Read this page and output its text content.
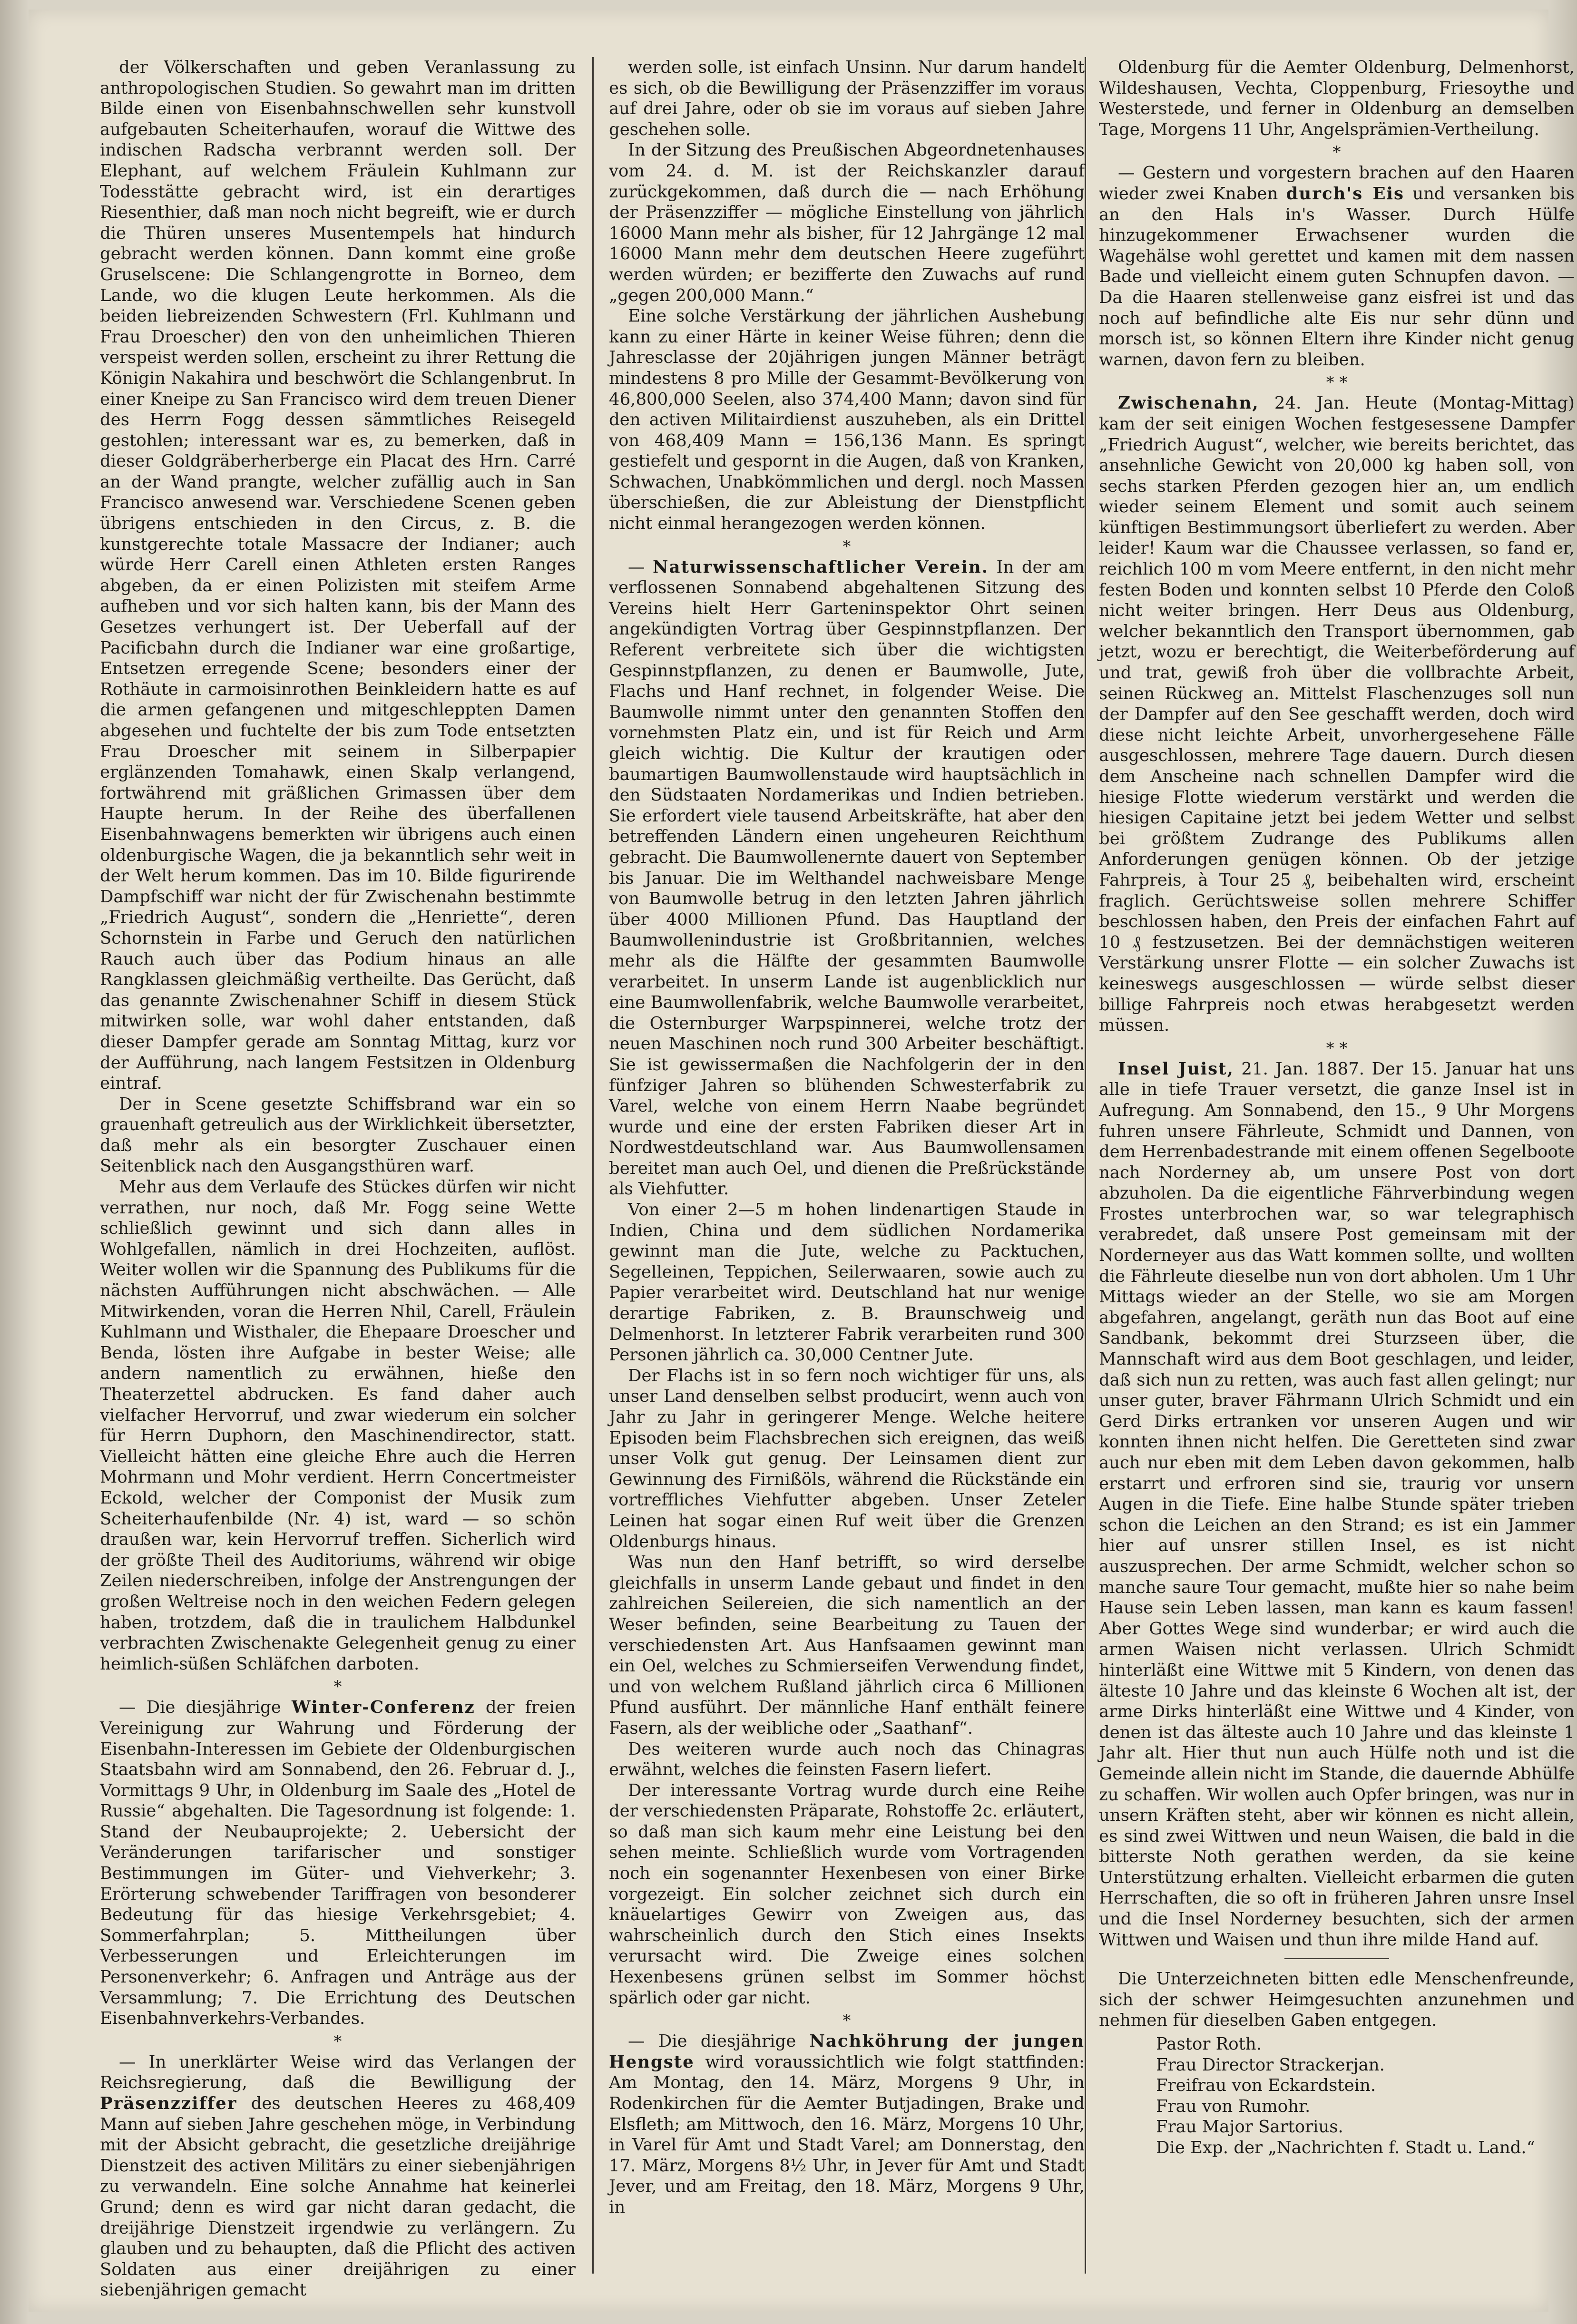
der Völkerschaften und geben Veranlassung zu anthropologischen Studien. So gewahrt man im dritten Bilde einen von Eisenbahnschwellen sehr kunstvoll aufgebauten Scheiterhaufen, worauf die Wittwe des indischen Radscha verbrannt werden soll. Der Elephant, auf welchem Fräulein Kuhlmann zur Todesstätte gebracht wird, ist ein derartiges Riesenthier, daß man noch nicht begreift, wie er durch die Thüren unseres Musentempels hat hindurch gebracht werden können. Dann kommt eine große Gruselscene: Die Schlangengrotte in Borneo, dem Lande, wo die klugen Leute herkommen. Als die beiden liebreizenden Schwestern (Frl. Kuhlmann und Frau Droescher) den von den unheimlichen Thieren verspeist werden sollen, erscheint zu ihrer Rettung die Königin Nakahira und beschwört die Schlangenbrut. In einer Kneipe zu San Francisco wird dem treuen Diener des Herrn Fogg dessen sämmtliches Reisegeld gestohlen; interessant war es, zu bemerken, daß in dieser Goldgräberherberge ein Placat des Hrn. Carré an der Wand prangte, welcher zufällig auch in San Francisco anwesend war. Verschiedene Scenen geben übrigens entschieden in den Circus, z. B. die kunstgerechte totale Massacre der Indianer; auch würde Herr Carell einen Athleten ersten Ranges abgeben, da er einen Polizisten mit steifem Arme aufheben und vor sich halten kann, bis der Mann des Gesetzes verhungert ist. Der Ueberfall auf der Pacificbahn durch die Indianer war eine großartige, Entsetzen erregende Scene; besonders einer der Rothäute in carmoisinrothen Beinkleidern hatte es auf die armen gefangenen und mitgeschleppten Damen abgesehen und fuchtelte der bis zum Tode entsetzten Frau Droescher mit seinem in Silberpapier erglänzenden Tomahawk, einen Skalp verlangend, fortwährend mit gräßlichen Grimassen über dem Haupte herum. In der Reihe des überfallenen Eisenbahnwagens bemerkten wir übrigens auch einen oldenburgische Wagen, die ja bekanntlich sehr weit in der Welt herum kommen. Das im 10. Bilde figurirende Dampfschiff war nicht der für Zwischenahn bestimmte „Friedrich August“, sondern die „Henriette“, deren Schornstein in Farbe und Geruch den natürlichen Rauch auch über das Podium hinaus an alle Rangklassen gleichmäßig vertheilte. Das Gerücht, daß das genannte Zwischenahner Schiff in diesem Stück mitwirken solle, war wohl daher entstanden, daß dieser Dampfer gerade am Sonntag Mittag, kurz vor der Aufführung, nach langem Festsitzen in Oldenburg eintraf.

Der in Scene gesetzte Schiffsbrand war ein so grauenhaft getreulich aus der Wirklichkeit übersetzter, daß mehr als ein besorgter Zuschauer einen Seitenblick nach den Ausgangsthüren warf.

Mehr aus dem Verlaufe des Stückes dürfen wir nicht verrathen, nur noch, daß Mr. Fogg seine Wette schließlich gewinnt und sich dann alles in Wohlgefallen, nämlich in drei Hochzeiten, auflöst. Weiter wollen wir die Spannung des Publikums für die nächsten Aufführungen nicht abschwächen. — Alle Mitwirkenden, voran die Herren Nhil, Carell, Fräulein Kuhlmann und Wisthaler, die Ehepaare Droescher und Benda, lösten ihre Aufgabe in bester Weise; alle andern namentlich zu erwähnen, hieße den Theaterzettel abdrucken. Es fand daher auch vielfacher Hervorruf, und zwar wiederum ein solcher für Herrn Duphorn, den Maschinendirector, statt. Vielleicht hätten eine gleiche Ehre auch die Herren Mohrmann und Mohr verdient. Herrn Concertmeister Eckold, welcher der Componist der Musik zum Scheiterhaufenbilde (Nr. 4) ist, ward — so schön draußen war, kein Hervorruf treffen. Sicherlich wird der größte Theil des Auditoriums, während wir obige Zeilen niederschreiben, infolge der Anstrengungen der großen Weltreise noch in den weichen Federn gelegen haben, trotzdem, daß die in traulichem Halbdunkel verbrachten Zwischenakte Gelegenheit genug zu einer heimlich-süßen Schläfchen darboten.

*

— Die diesjährige Winter-Conferenz der freien Vereinigung zur Wahrung und Förderung der Eisenbahn-Interessen im Gebiete der Oldenburgischen Staatsbahn wird am Sonnabend, den 26. Februar d. J., Vormittags 9 Uhr, in Oldenburg im Saale des „Hotel de Russie“ abgehalten. Die Tagesordnung ist folgende: 1. Stand der Neubauprojekte; 2. Uebersicht der Veränderungen tarifarischer und sonstiger Bestimmungen im Güter- und Viehverkehr; 3. Erörterung schwebender Tariffragen von besonderer Bedeutung für das hiesige Verkehrsgebiet; 4. Sommerfahrplan; 5. Mittheilungen über Verbesserungen und Erleichterungen im Personenverkehr; 6. Anfragen und Anträge aus der Versammlung; 7. Die Errichtung des Deutschen Eisenbahnverkehrs-Verbandes.

*

— In unerklärter Weise wird das Verlangen der Reichsregierung, daß die Bewilligung der Präsenzziffer des deutschen Heeres zu 468,409 Mann auf sieben Jahre geschehen möge, in Verbindung mit der Absicht gebracht, die gesetzliche dreijährige Dienstzeit des activen Militärs zu einer siebenjährigen zu verwandeln. Eine solche Annahme hat keinerlei Grund; denn es wird gar nicht daran gedacht, die dreijährige Dienstzeit irgendwie zu verlängern. Zu glauben und zu behaupten, daß die Pflicht des activen Soldaten aus einer dreijährigen zu einer siebenjährigen gemacht

werden solle, ist einfach Unsinn. Nur darum handelt es sich, ob die Bewilligung der Präsenzziffer im voraus auf drei Jahre, oder ob sie im voraus auf sieben Jahre geschehen solle.

In der Sitzung des Preußischen Abgeordnetenhauses vom 24. d. M. ist der Reichskanzler darauf zurückgekommen, daß durch die — nach Erhöhung der Präsenzziffer — mögliche Einstellung von jährlich 16000 Mann mehr als bisher, für 12 Jahrgänge 12 mal 16000 Mann mehr dem deutschen Heere zugeführt werden würden; er bezifferte den Zuwachs auf rund „gegen 200,000 Mann.“

Eine solche Verstärkung der jährlichen Aushebung kann zu einer Härte in keiner Weise führen; denn die Jahresclasse der 20jährigen jungen Männer beträgt mindestens 8 pro Mille der Gesammt-Bevölkerung von 46,800,000 Seelen, also 374,400 Mann; davon sind für den activen Militairdienst auszuheben, als ein Drittel von 468,409 Mann = 156,136 Mann. Es springt gestiefelt und gespornt in die Augen, daß von Kranken, Schwachen, Unabkömmlichen und dergl. noch Massen überschießen, die zur Ableistung der Dienstpflicht nicht einmal herangezogen werden können.

*

— Naturwissenschaftlicher Verein. In der am verflossenen Sonnabend abgehaltenen Sitzung des Vereins hielt Herr Garteninspektor Ohrt seinen angekündigten Vortrag über Gespinnstpflanzen. Der Referent verbreitete sich über die wichtigsten Gespinnstpflanzen, zu denen er Baumwolle, Jute, Flachs und Hanf rechnet, in folgender Weise. Die Baumwolle nimmt unter den genannten Stoffen den vornehmsten Platz ein, und ist für Reich und Arm gleich wichtig. Die Kultur der krautigen oder baumartigen Baumwollenstaude wird hauptsächlich in den Südstaaten Nordamerikas und Indien betrieben. Sie erfordert viele tausend Arbeitskräfte, hat aber den betreffenden Ländern einen ungeheuren Reichthum gebracht. Die Baumwollenernte dauert von September bis Januar. Die im Welthandel nachweisbare Menge von Baumwolle betrug in den letzten Jahren jährlich über 4000 Millionen Pfund. Das Hauptland der Baumwollenindustrie ist Großbritannien, welches mehr als die Hälfte der gesammten Baumwolle verarbeitet. In unserm Lande ist augenblicklich nur eine Baumwollenfabrik, welche Baumwolle verarbeitet, die Osternburger Warpspinnerei, welche trotz der neuen Maschinen noch rund 300 Arbeiter beschäftigt. Sie ist gewissermaßen die Nachfolgerin der in den fünfziger Jahren so blühenden Schwesterfabrik zu Varel, welche von einem Herrn Naabe begründet wurde und eine der ersten Fabriken dieser Art in Nordwestdeutschland war. Aus Baumwollensamen bereitet man auch Oel, und dienen die Preßrückstände als Viehfutter.

Von einer 2—5 m hohen lindenartigen Staude in Indien, China und dem südlichen Nordamerika gewinnt man die Jute, welche zu Packtuchen, Segelleinen, Teppichen, Seilerwaaren, sowie auch zu Papier verarbeitet wird. Deutschland hat nur wenige derartige Fabriken, z. B. Braunschweig und Delmenhorst. In letzterer Fabrik verarbeiten rund 300 Personen jährlich ca. 30,000 Centner Jute.

Der Flachs ist in so fern noch wichtiger für uns, als unser Land denselben selbst producirt, wenn auch von Jahr zu Jahr in geringerer Menge. Welche heitere Episoden beim Flachsbrechen sich ereignen, das weiß unser Volk gut genug. Der Leinsamen dient zur Gewinnung des Firnißöls, während die Rückstände ein vortreffliches Viehfutter abgeben. Unser Zeteler Leinen hat sogar einen Ruf weit über die Grenzen Oldenburgs hinaus.

Was nun den Hanf betrifft, so wird derselbe gleichfalls in unserm Lande gebaut und findet in den zahlreichen Seilereien, die sich namentlich an der Weser befinden, seine Bearbeitung zu Tauen der verschiedensten Art. Aus Hanfsaamen gewinnt man ein Oel, welches zu Schmierseifen Verwendung findet, und von welchem Rußland jährlich circa 6 Millionen Pfund ausführt. Der männliche Hanf enthält feinere Fasern, als der weibliche oder „Saathanf“.

Des weiteren wurde auch noch das Chinagras erwähnt, welches die feinsten Fasern liefert.

Der interessante Vortrag wurde durch eine Reihe der verschiedensten Präparate, Rohstoffe 2c. erläutert, so daß man sich kaum mehr eine Leistung bei den sehen meinte. Schließlich wurde vom Vortragenden noch ein sogenannter Hexenbesen von einer Birke vorgezeigt. Ein solcher zeichnet sich durch ein knäuelartiges Gewirr von Zweigen aus, das wahrscheinlich durch den Stich eines Insekts verursacht wird. Die Zweige eines solchen Hexenbesens grünen selbst im Sommer höchst spärlich oder gar nicht.

*

— Die diesjährige Nachköhrung der jungen Hengste wird voraussichtlich wie folgt stattfinden: Am Montag, den 14. März, Morgens 9 Uhr, in Rodenkirchen für die Aemter Butjadingen, Brake und Elsfleth; am Mittwoch, den 16. März, Morgens 10 Uhr, in Varel für Amt und Stadt Varel; am Donnerstag, den 17. März, Morgens 8½ Uhr, in Jever für Amt und Stadt Jever, und am Freitag, den 18. März, Morgens 9 Uhr, in

Oldenburg für die Aemter Oldenburg, Delmenhorst, Wildeshausen, Vechta, Cloppenburg, Friesoythe und Westerstede, und ferner in Oldenburg an demselben Tage, Morgens 11 Uhr, Angelsprämien-Vertheilung.

*

— Gestern und vorgestern brachen auf den Haaren wieder zwei Knaben durch's Eis und versanken bis an den Hals in's Wasser. Durch Hülfe hinzugekommener Erwachsener wurden die Wagehälse wohl gerettet und kamen mit dem nassen Bade und vielleicht einem guten Schnupfen davon. — Da die Haaren stellenweise ganz eisfrei ist und das noch auf befindliche alte Eis nur sehr dünn und morsch ist, so können Eltern ihre Kinder nicht genug warnen, davon fern zu bleiben.

* *

Zwischenahn, 24. Jan. Heute (Montag-Mittag) kam der seit einigen Wochen festgesessene Dampfer „Friedrich August“, welcher, wie bereits berichtet, das ansehnliche Gewicht von 20,000 kg haben soll, von sechs starken Pferden gezogen hier an, um endlich wieder seinem Element und somit auch seinem künftigen Bestimmungsort überliefert zu werden. Aber leider! Kaum war die Chaussee verlassen, so fand er, reichlich 100 m vom Meere entfernt, in den nicht mehr festen Boden und konnten selbst 10 Pferde den Coloß nicht weiter bringen. Herr Deus aus Oldenburg, welcher bekanntlich den Transport übernommen, gab jetzt, wozu er berechtigt, die Weiterbeförderung auf und trat, gewiß froh über die vollbrachte Arbeit, seinen Rückweg an. Mittelst Flaschenzuges soll nun der Dampfer auf den See geschafft werden, doch wird diese nicht leichte Arbeit, unvorhergesehene Fälle ausgeschlossen, mehrere Tage dauern. Durch diesen dem Anscheine nach schnellen Dampfer wird die hiesige Flotte wiederum verstärkt und werden die hiesigen Capitaine jetzt bei jedem Wetter und selbst bei größtem Zudrange des Publikums allen Anforderungen genügen können. Ob der jetzige Fahrpreis, à Tour 25 ₰, beibehalten wird, erscheint fraglich. Gerüchtsweise sollen mehrere Schiffer beschlossen haben, den Preis der einfachen Fahrt auf 10 ₰ festzusetzen. Bei der demnächstigen weiteren Verstärkung unsrer Flotte — ein solcher Zuwachs ist keineswegs ausgeschlossen — würde selbst dieser billige Fahrpreis noch etwas herabgesetzt werden müssen.

* *

Insel Juist, 21. Jan. 1887. Der 15. Januar hat uns alle in tiefe Trauer versetzt, die ganze Insel ist in Aufregung. Am Sonnabend, den 15., 9 Uhr Morgens fuhren unsere Fährleute, Schmidt und Dannen, von dem Herrenbadestrande mit einem offenen Segelboote nach Norderney ab, um unsere Post von dort abzuholen. Da die eigentliche Fährverbindung wegen Frostes unterbrochen war, so war telegraphisch verabredet, daß unsere Post gemeinsam mit der Norderneyer aus das Watt kommen sollte, und wollten die Fährleute dieselbe nun von dort abholen. Um 1 Uhr Mittags wieder an der Stelle, wo sie am Morgen abgefahren, angelangt, geräth nun das Boot auf eine Sandbank, bekommt drei Sturzseen über, die Mannschaft wird aus dem Boot geschlagen, und leider, daß sich nun zu retten, was auch fast allen gelingt; nur unser guter, braver Fährmann Ulrich Schmidt und ein Gerd Dirks ertranken vor unseren Augen und wir konnten ihnen nicht helfen. Die Geretteten sind zwar auch nur eben mit dem Leben davon gekommen, halb erstarrt und erfroren sind sie, traurig vor unsern Augen in die Tiefe. Eine halbe Stunde später trieben schon die Leichen an den Strand; es ist ein Jammer hier auf unsrer stillen Insel, es ist nicht auszusprechen. Der arme Schmidt, welcher schon so manche saure Tour gemacht, mußte hier so nahe beim Hause sein Leben lassen, man kann es kaum fassen! Aber Gottes Wege sind wunderbar; er wird auch die armen Waisen nicht verlassen. Ulrich Schmidt hinterläßt eine Wittwe mit 5 Kindern, von denen das älteste 10 Jahre und das kleinste 6 Wochen alt ist, der arme Dirks hinterläßt eine Wittwe und 4 Kinder, von denen ist das älteste auch 10 Jahre und das kleinste 1 Jahr alt. Hier thut nun auch Hülfe noth und ist die Gemeinde allein nicht im Stande, die dauernde Abhülfe zu schaffen. Wir wollen auch Opfer bringen, was nur in unsern Kräften steht, aber wir können es nicht allein, es sind zwei Wittwen und neun Waisen, die bald in die bitterste Noth gerathen werden, da sie keine Unterstützung erhalten. Vielleicht erbarmen die guten Herrschaften, die so oft in früheren Jahren unsre Insel und die Insel Norderney besuchten, sich der armen Wittwen und Waisen und thun ihre milde Hand auf.

Die Unterzeichneten bitten edle Menschenfreunde, sich der schwer Heimgesuchten anzunehmen und nehmen für dieselben Gaben entgegen.

Pastor Roth.
Frau Director Strackerjan.
Freifrau von Eckardstein.
Frau von Rumohr.
Frau Major Sartorius.
Die Exp. der „Nachrichten f. Stadt u. Land.“
